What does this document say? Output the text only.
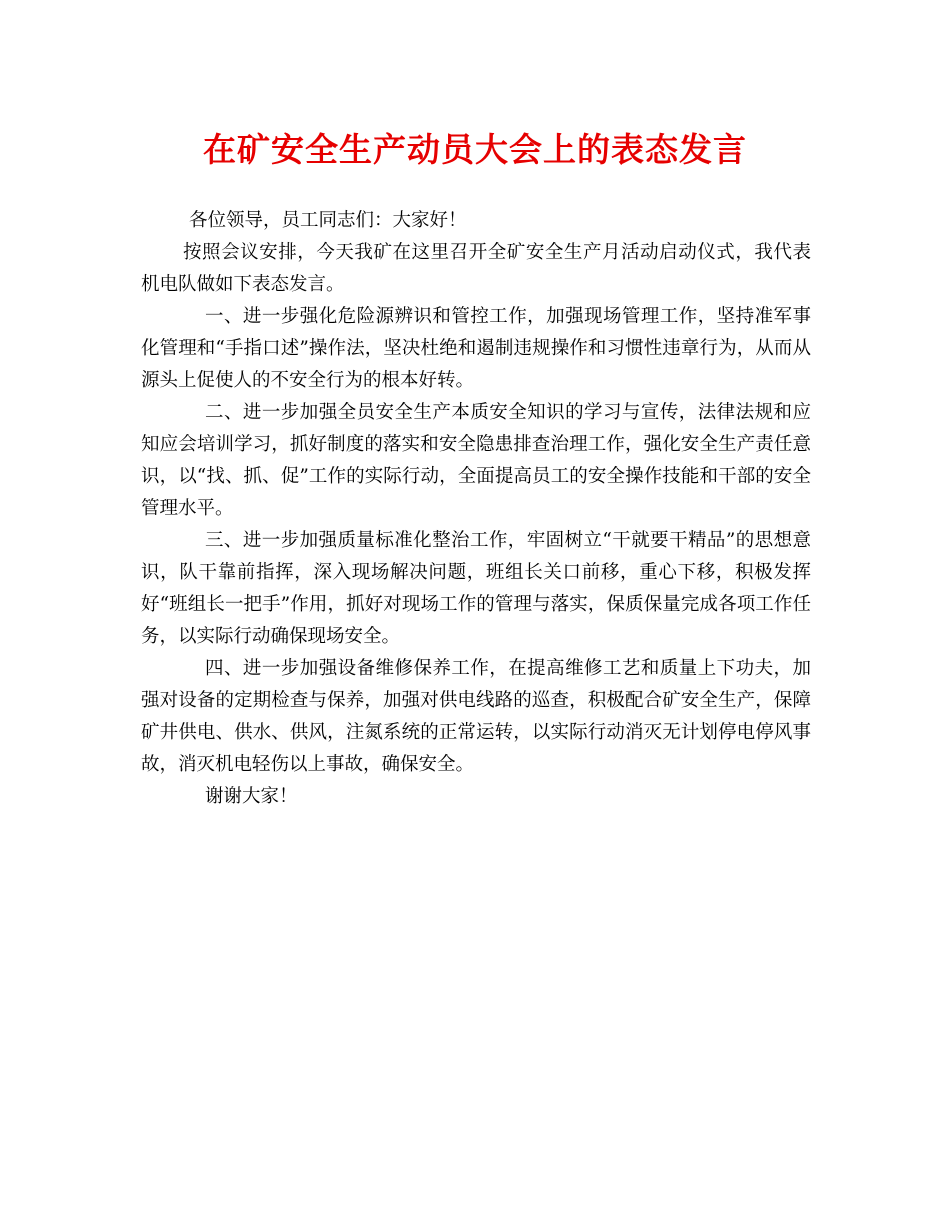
在矿安全生产动员大会上的表态发言

各位领导，员工同志们：大家好！

按照会议安排，今天我矿在这里召开全矿安全生产月活动启动仪式，我代表机电队做如下表态发言。

一、进一步强化危险源辨识和管控工作，加强现场管理工作，坚持准军事化管理和“手指口述”操作法，坚决杜绝和遏制违规操作和习惯性违章行为，从而从源头上促使人的不安全行为的根本好转。

二、进一步加强全员安全生产本质安全知识的学习与宣传，法律法规和应知应会培训学习，抓好制度的落实和安全隐患排查治理工作，强化安全生产责任意识，以“找、抓、促”工作的实际行动，全面提高员工的安全操作技能和干部的安全管理水平。

三、进一步加强质量标准化整治工作，牢固树立“干就要干精品”的思想意识，队干靠前指挥，深入现场解决问题，班组长关口前移，重心下移，积极发挥好“班组长一把手”作用，抓好对现场工作的管理与落实，保质保量完成各项工作任务，以实际行动确保现场安全。

四、进一步加强设备维修保养工作，在提高维修工艺和质量上下功夫，加强对设备的定期检查与保养，加强对供电线路的巡查，积极配合矿安全生产，保障矿井供电、供水、供风，注氮系统的正常运转，以实际行动消灭无计划停电停风事故，消灭机电轻伤以上事故，确保安全。

谢谢大家！
